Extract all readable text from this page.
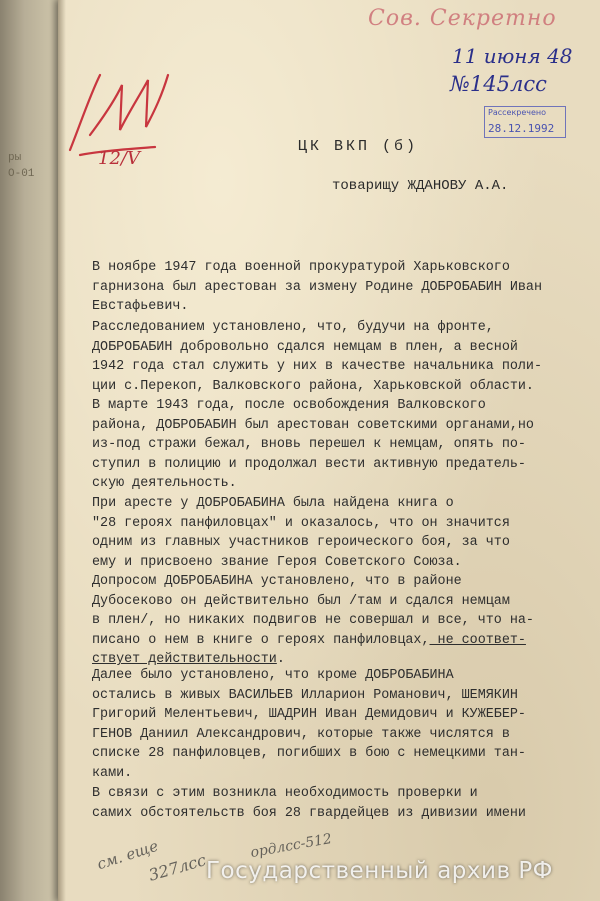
ры
О-01
Сов. Секретно
11 июня 48
№145лсс
Рассекречено
28.12.1992
12/V
ЦК ВКП (б)
товарищу ЖДАНОВУ А.А.
В ноябре 1947 года военной прокуратурой Харьковского
гарнизона был арестован за измену Родине ДОБРОБАБИН Иван
Евстафьевич.
Расследованием установлено, что, будучи на фронте,
ДОБРОБАБИН добровольно сдался немцам в плен, а весной
1942 года стал служить у них в качестве начальника поли-
ции с.Перекоп, Валковского района, Харьковской области.
В марте 1943 года, после освобождения Валковского
района, ДОБРОБАБИН был арестован советскими органами,но
из-под стражи бежал, вновь перешел к немцам, опять по-
ступил в полицию и продолжал вести активную предатель-
скую деятельность.
При аресте у ДОБРОБАБИНА была найдена книга о
"28 героях панфиловцах" и оказалось, что он значится
одним из главных участников героического боя, за что
ему и присвоено звание Героя Советского Союза.
Допросом ДОБРОБАБИНА установлено, что в районе
Дубосеково он действительно был /там и сдался немцам
в плен/, но никаких подвигов не совершал и все, что на-
писано о нем в книге о героях панфиловцах, не соответ-
ствует действительности.
Далее было установлено, что кроме ДОБРОБАБИНА
остались в живых ВАСИЛЬЕВ Илларион Романович, ШЕМЯКИН
Григорий Мелентьевич, ШАДРИН Иван Демидович и КУЖЕБЕР-
ГЕНОВ Даниил Александрович, которые также числятся в
списке 28 панфиловцев, погибших в бою с немецкими тан-
ками.
В связи с этим возникла необходимость проверки и
самих обстоятельств боя 28 гвардейцев из дивизии имени
см. еще
327лсс
ордлсс-512
Государственный архив РФ
